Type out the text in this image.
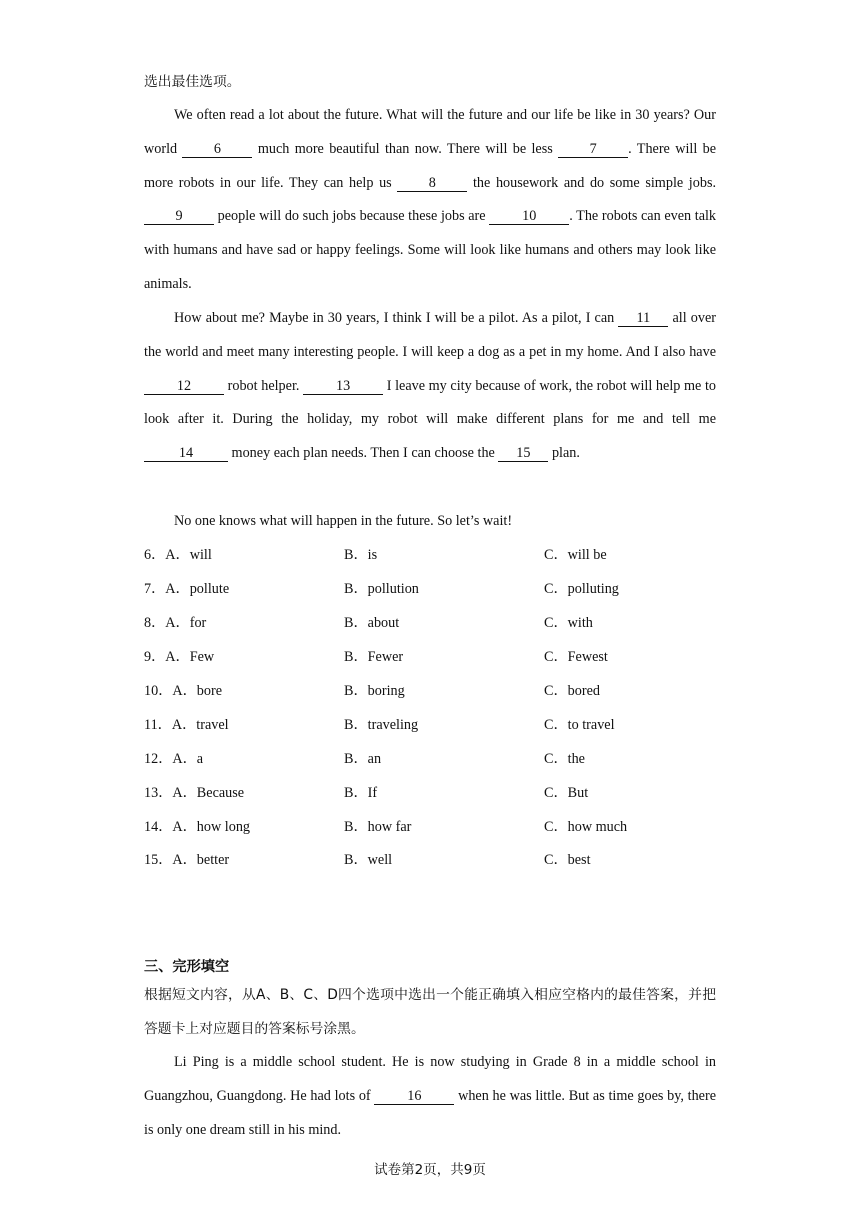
选出最佳选项。

We often read a lot about the future. What will the future and our life be like in 30 years? Our world	6	much more beautiful than now. There will be less	7 . There will be more robots in our life. They can help us	8	the housework and do some simple jobs. 9 people will do such jobs because these jobs are	10 . The robots can even talk with humans and have sad or happy feelings. Some will look like humans and others may look like animals.

How about me? Maybe in 30 years, I think I will be a pilot. As a pilot, I can 11 all over the world and meet many interesting people. I will keep a dog as a pet in my home. And I also have 12	robot helper.	13	I leave my city because of work, the robot will help me to look after it. During the holiday, my robot will make different plans for me and tell me 14	money each plan needs. Then I can choose the 15 plan.

No one knows what will happen in the future. So let’s wait!

6．A．will	B．is	C．will be
7．A．pollute	B．pollution	C．polluting
8．A．for	B．about	C．with
9．A．Few	B．Fewer	C．Fewest
10．A．bore	B．boring	C．bored
11．A．travel	B．traveling	C．to travel
12．A．a	B．an	C．the
13．A．Because	B．If	C．But
14．A．how long	B．how far	C．how much
15．A．better	B．well	C．best
三、完形填空

根据短文内容，从A、B、C、D四个选项中选出一个能正确填入相应空格内的最佳答案，并把答题卡上对应题目的答案标号涂黑。

Li Ping is a middle school student. He is now studying in Grade 8 in a middle school in Guangzhou, Guangdong. He had lots of	16	when he was little. But as time goes by, there is only one dream still in his mind.

试卷第2页，共9页
